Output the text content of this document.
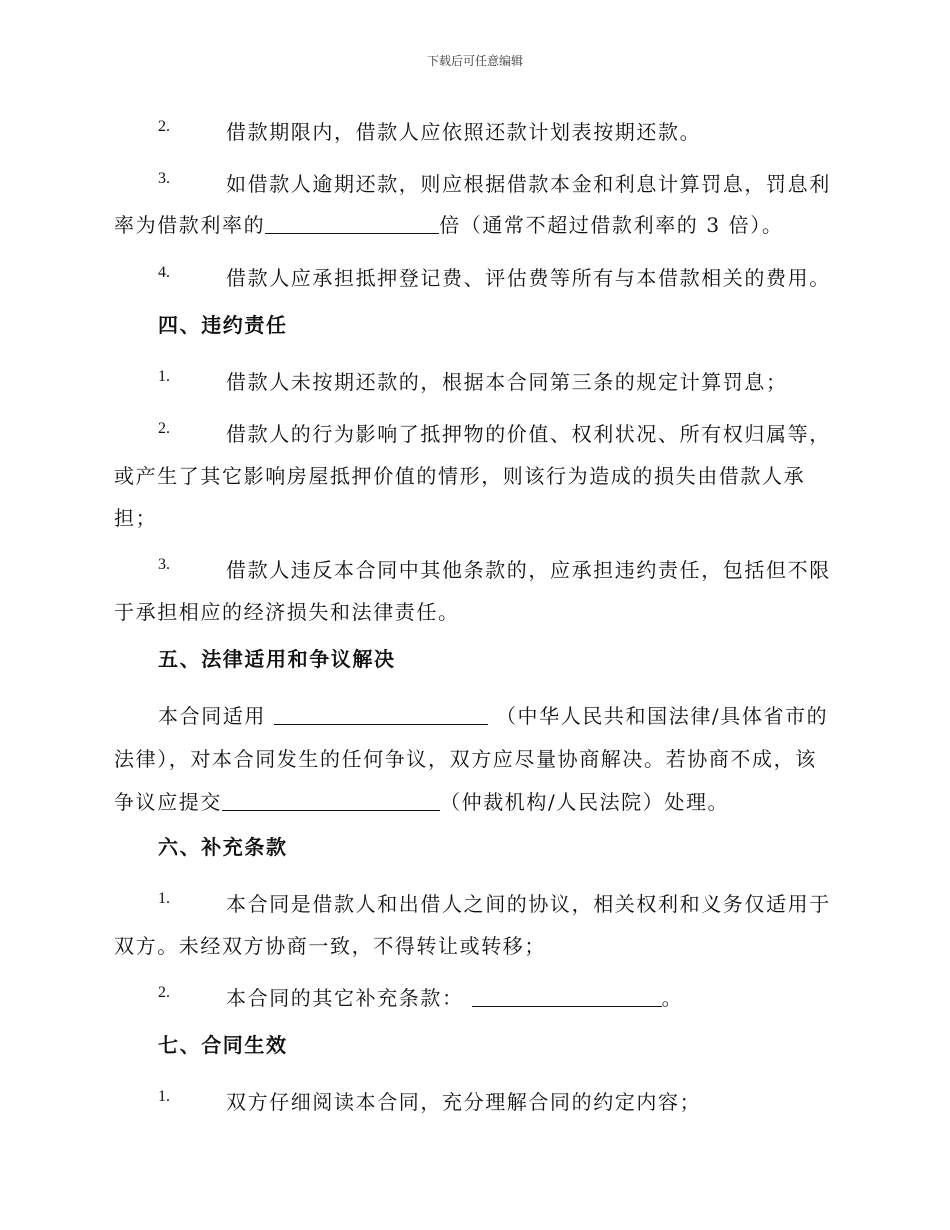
下载后可任意编辑
2.	借款期限内，借款人应依照还款计划表按期还款。
3.	如借款人逾期还款，则应根据借款本金和利息计算罚息，罚息利
率为借款利率的	倍（通常不超过借款利率的 3 倍）。
4.	借款人应承担抵押登记费、评估费等所有与本借款相关的费用。
四、违约责任
1.	借款人未按期还款的，根据本合同第三条的规定计算罚息；
2.	借款人的行为影响了抵押物的价值、权利状况、所有权归属等，
或产生了其它影响房屋抵押价值的情形，则该行为造成的损失由借款人承
担；
3.	借款人违反本合同中其他条款的，应承担违约责任，包括但不限
于承担相应的经济损失和法律责任。
五、法律适用和争议解决
本合同适用	（中华人民共和国法律/具体省市的
法律），对本合同发生的任何争议，双方应尽量协商解决。若协商不成，该
争议应提交	（仲裁机构/人民法院）处理。
六、补充条款
1.	本合同是借款人和出借人之间的协议，相关权利和义务仅适用于
双方。未经双方协商一致，不得转让或转移；
2.	本合同的其它补充条款：	。
七、合同生效
1.	双方仔细阅读本合同，充分理解合同的约定内容；
